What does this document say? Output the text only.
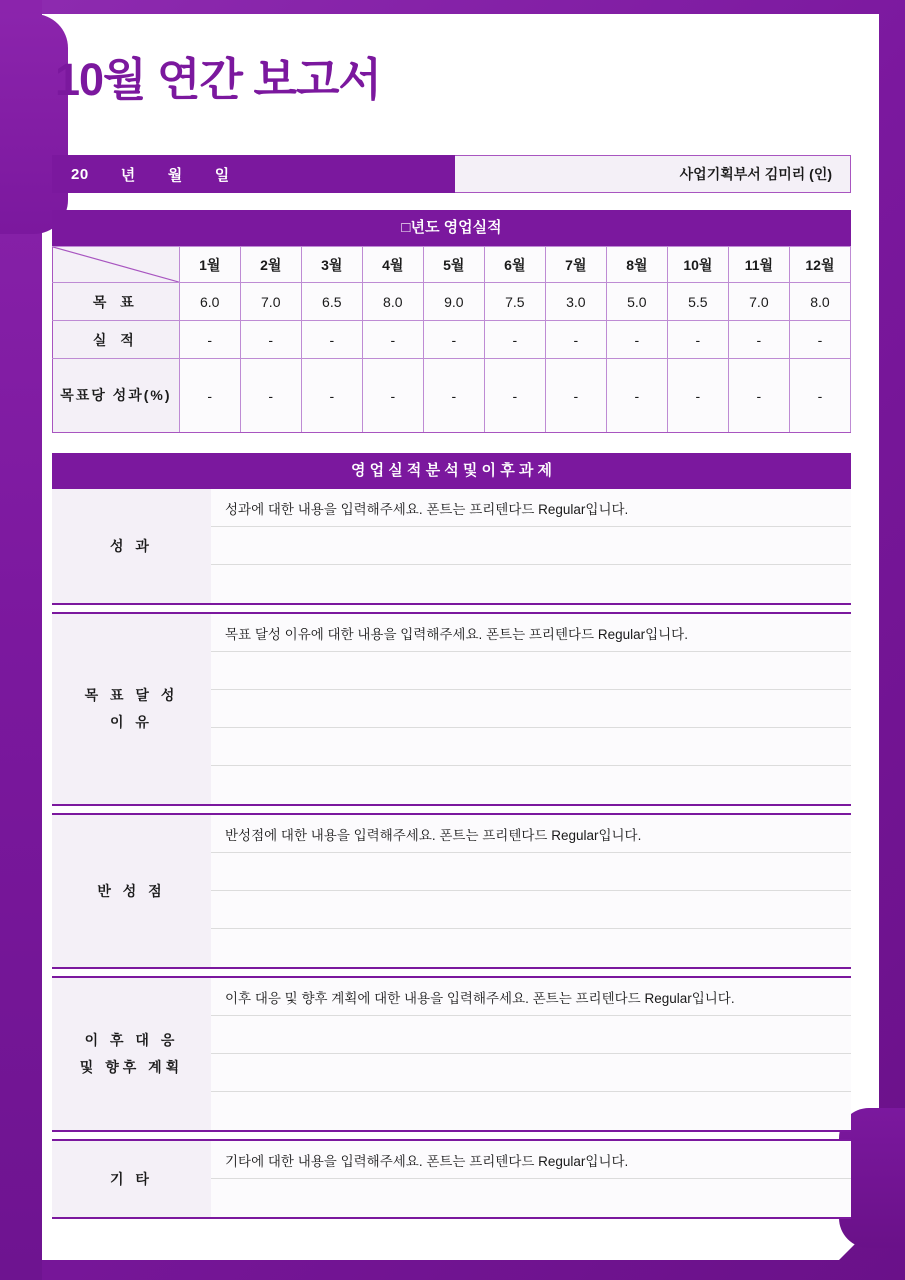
10월 연간 보고서
20 년 월 일	사업기획부서 김미리 (인)
□년도 영업실적
	1월	2월	3월	4월	5월	6월	7월	8월	10월	11월	12월
목 표	6.0	7.0	6.5	8.0	9.0	7.5	3.0	5.0	5.5	7.0	8.0
실 적	-	-	-	-	-	-	-	-	-	-	-
목표당 성과(%)	-	-	-	-	-	-	-	-	-	-	-
영 업 실 적 분 석 및 이 후 과 제
성 과
성과에 대한 내용을 입력해주세요. 폰트는 프리텐다드 Regular입니다.
목 표 달 성
이 유
목표 달성 이유에 대한 내용을 입력해주세요. 폰트는 프리텐다드 Regular입니다.
반 성 점
반성점에 대한 내용을 입력해주세요. 폰트는 프리텐다드 Regular입니다.
이 후 대 응
및 향후 계획
이후 대응 및 향후 계획에 대한 내용을 입력해주세요. 폰트는 프리텐다드 Regular입니다.
기 타
기타에 대한 내용을 입력해주세요. 폰트는 프리텐다드 Regular입니다.
